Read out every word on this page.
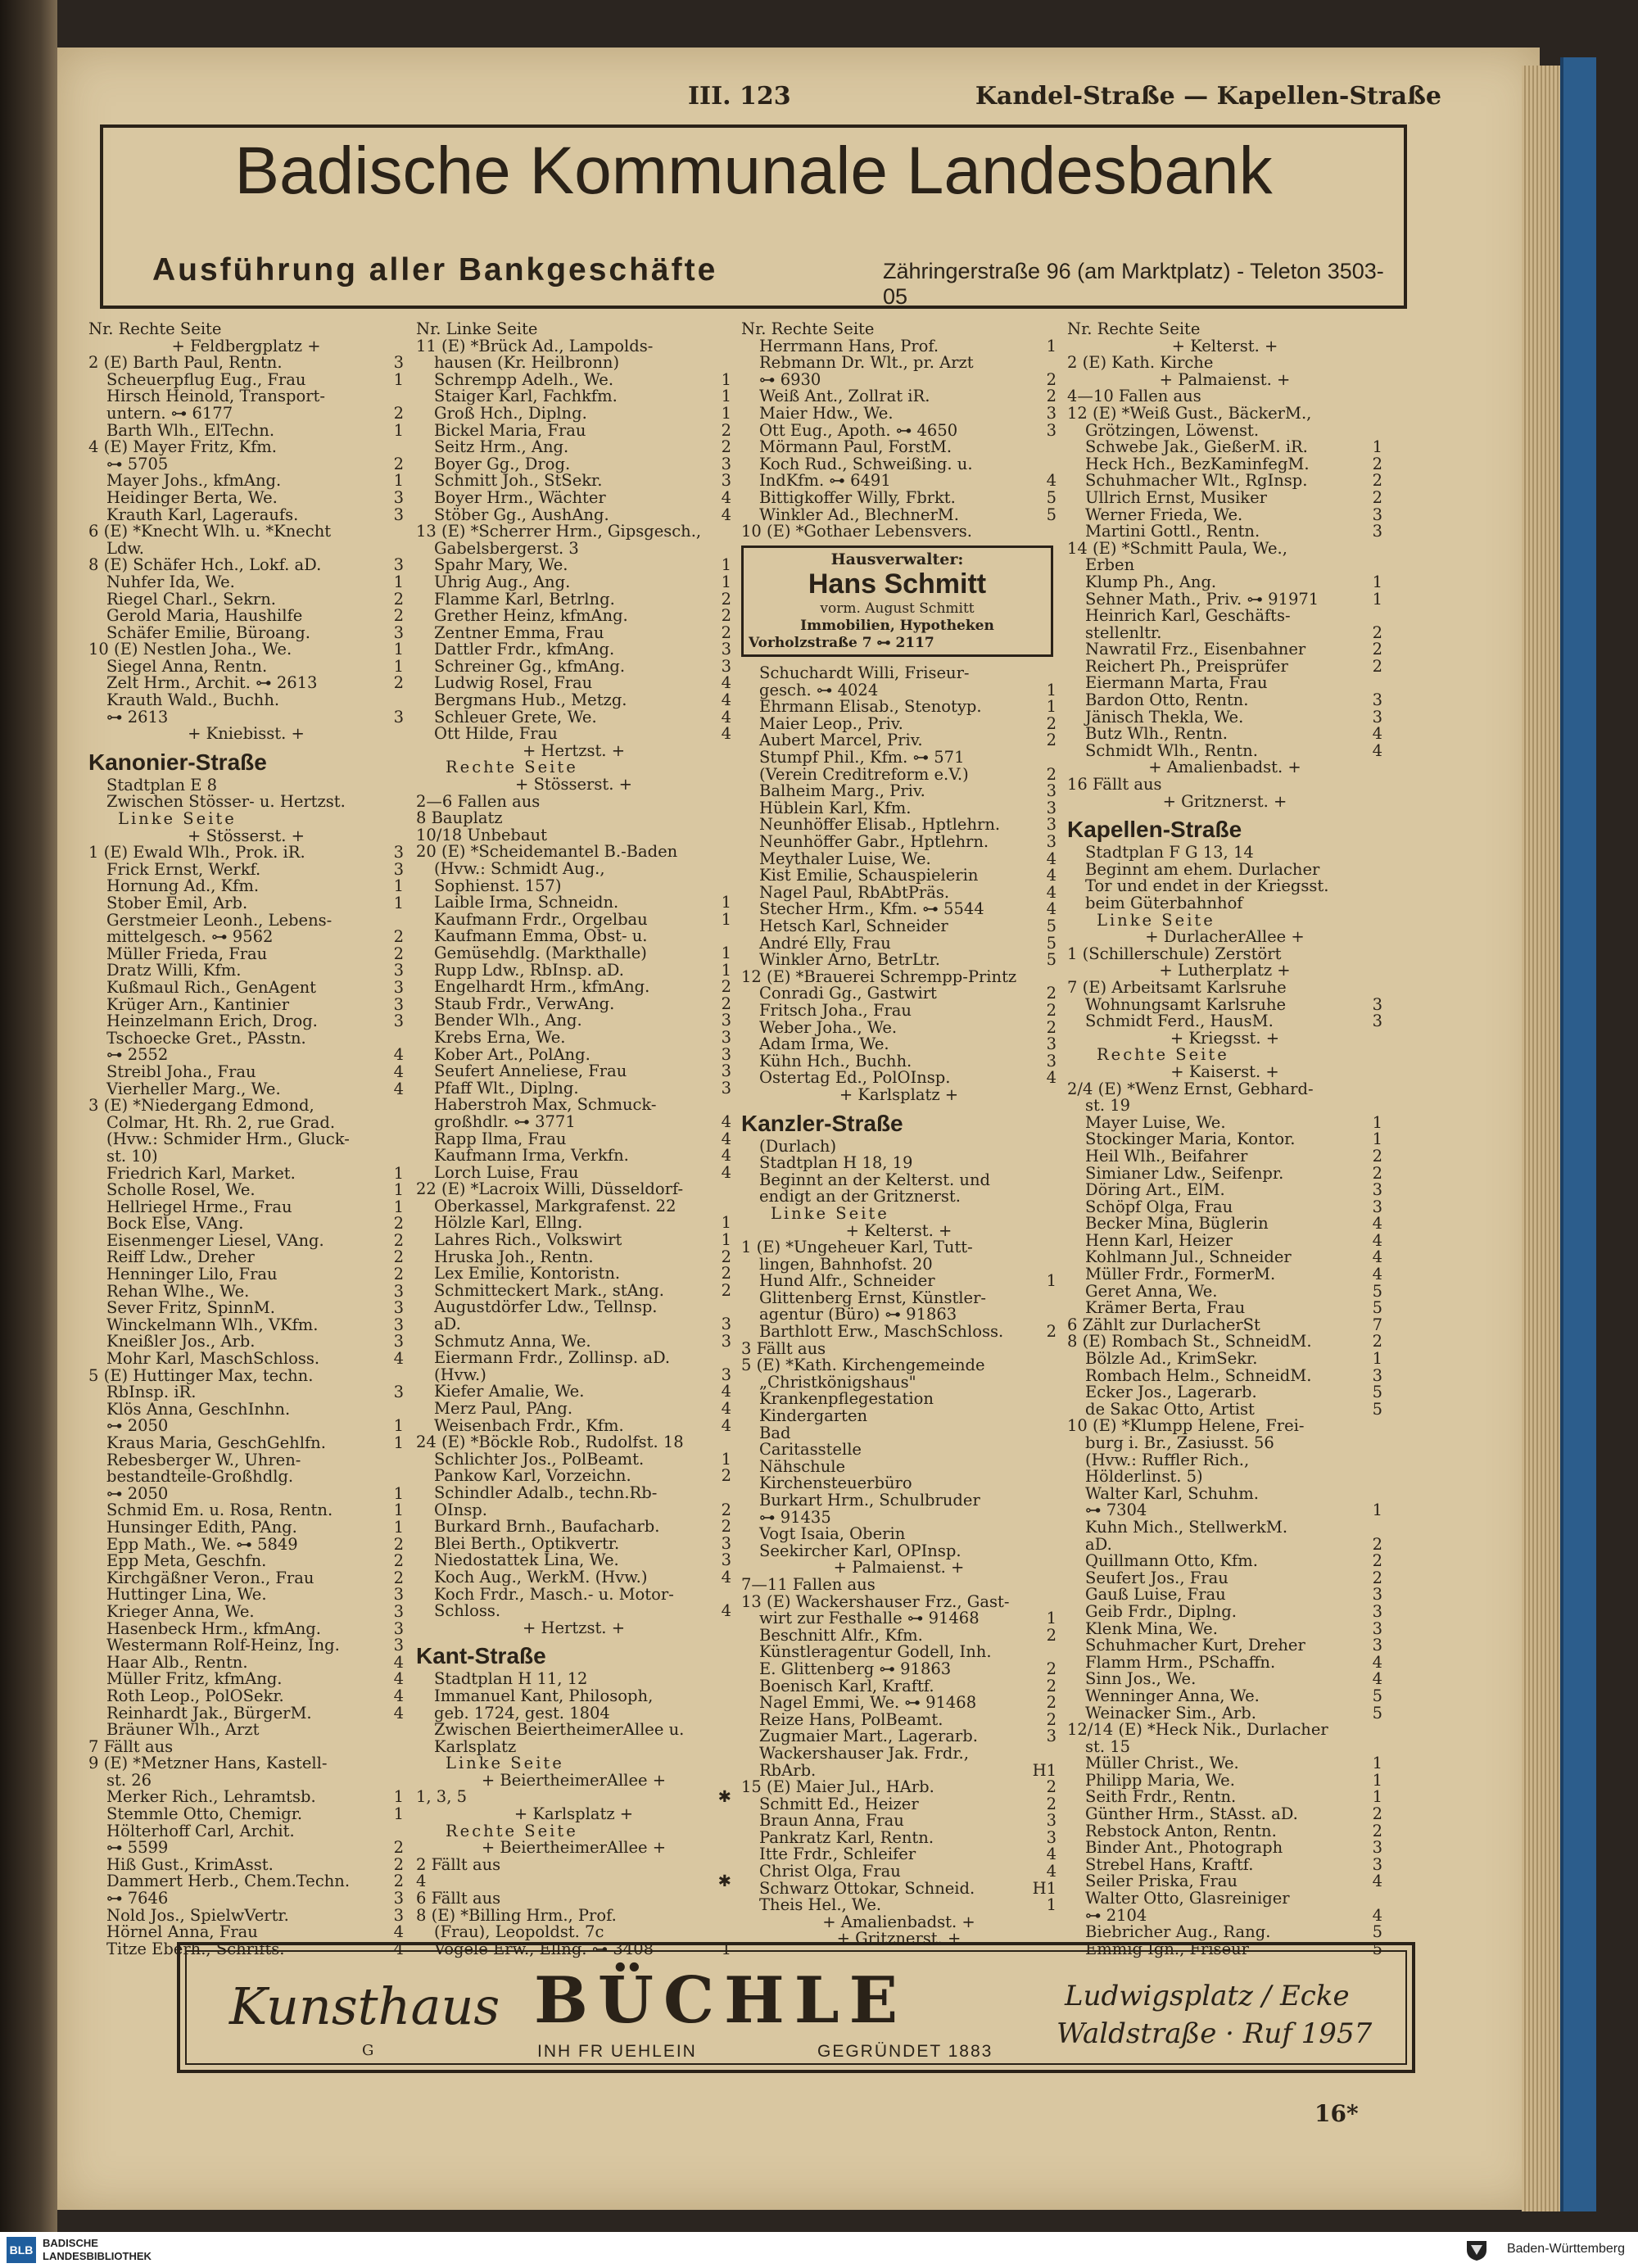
III. 123	Kandel-Straße — Kapellen-Straße
Badische Kommunale Landesbank
Ausführung aller Bankgeschäfte	Zähringerstraße 96 (am Marktplatz) - Teleton 3503-05
Nr. Rechte Seite
+ Feldbergplatz +
2 (E) Barth Paul, Rentn.	3
Scheuerpflug Eug., Frau	1
Hirsch Heinold, Transport-
untern. ⊶ 6177	2
Barth Wlh., ElTechn.	1
4 (E) Mayer Fritz, Kfm.
⊶ 5705	2
Mayer Johs., kfmAng.	1
Heidinger Berta, We.	3
Krauth Karl, Lageraufs.	3
6 (E) *Knecht Wlh. u. *Knecht
Ldw.
8 (E) Schäfer Hch., Lokf. aD.	3
Nuhfer Ida, We.	1
Riegel Charl., Sekrn.	2
Gerold Maria, Haushilfe	2
Schäfer Emilie, Büroang.	3
10 (E) Nestlen Joha., We.	1
Siegel Anna, Rentn.	1
Zelt Hrm., Archit. ⊶ 2613	2
Krauth Wald., Buchh.
⊶ 2613	3
+ Kniebisst. +
Kanonier-Straße
Stadtplan E 8
Zwischen Stösser- u. Hertzst.
Linke Seite
+ Stösserst. +
1 (E) Ewald Wlh., Prok. iR.	3
Frick Ernst, Werkf.	3
Hornung Ad., Kfm.	1
Stober Emil, Arb.	1
Gerstmeier Leonh., Lebens-
mittelgesch. ⊶ 9562	2
Müller Frieda, Frau	2
Dratz Willi, Kfm.	3
Kußmaul Rich., GenAgent	3
Krüger Arn., Kantinier	3
Heinzelmann Erich, Drog.	3
Tschoecke Gret., PAsstn.
⊶ 2552	4
Streibl Joha., Frau	4
Vierheller Marg., We.	4
3 (E) *Niedergang Edmond,
Colmar, Ht. Rh. 2, rue Grad.
(Hvw.: Schmider Hrm., Gluck-
st. 10)
Friedrich Karl, Market.	1
Scholle Rosel, We.	1
Hellriegel Hrme., Frau	1
Bock Else, VAng.	2
Eisenmenger Liesel, VAng.	2
Reiff Ldw., Dreher	2
Henninger Lilo, Frau	2
Rehan Wlhe., We.	3
Sever Fritz, SpinnM.	3
Winckelmann Wlh., VKfm.	3
Kneißler Jos., Arb.	3
Mohr Karl, MaschSchloss.	4
5 (E) Huttinger Max, techn.
RbInsp. iR.	3
Klös Anna, GeschInhn.
⊶ 2050	1
Kraus Maria, GeschGehlfn.	1
Rebesberger W., Uhren-
bestandteile-Großhdlg.
⊶ 2050	1
Schmid Em. u. Rosa, Rentn.	1
Hunsinger Edith, PAng.	1
Epp Math., We. ⊶ 5849	2
Epp Meta, Geschfn.	2
Kirchgäßner Veron., Frau	2
Huttinger Lina, We.	3
Krieger Anna, We.	3
Hasenbeck Hrm., kfmAng.	3
Westermann Rolf-Heinz, Ing.	3
Haar Alb., Rentn.	4
Müller Fritz, kfmAng.	4
Roth Leop., PolOSekr.	4
Reinhardt Jak., BürgerM.	4
Bräuner Wlh., Arzt
7 Fällt aus
9 (E) *Metzner Hans, Kastell-
st. 26
Merker Rich., Lehramtsb.	1
Stemmle Otto, Chemigr.	1
Hölterhoff Carl, Archit.
⊶ 5599	2
Hiß Gust., KrimAsst.	2
Dammert Herb., Chem.Techn.	2
⊶ 7646	3
Nold Jos., SpielwVertr.	3
Hörnel Anna, Frau	4
Titze Eberh., Schrifts.	4
Nr. Linke Seite
11 (E) *Brück Ad., Lampolds-
hausen (Kr. Heilbronn)
Schrempp Adelh., We.	1
Staiger Karl, Fachkfm.	1
Groß Hch., Diplng.	1
Bickel Maria, Frau	2
Seitz Hrm., Ang.	2
Boyer Gg., Drog.	3
Schmitt Joh., StSekr.	3
Boyer Hrm., Wächter	4
Stöber Gg., AushAng.	4
13 (E) *Scherrer Hrm., Gipsgesch.,
Gabelsbergerst. 3
Spahr Mary, We.	1
Uhrig Aug., Ang.	1
Flamme Karl, Betrlng.	2
Grether Heinz, kfmAng.	2
Zentner Emma, Frau	2
Dattler Frdr., kfmAng.	3
Schreiner Gg., kfmAng.	3
Ludwig Rosel, Frau	4
Bergmans Hub., Metzg.	4
Schleuer Grete, We.	4
Ott Hilde, Frau	4
+ Hertzst. +
Rechte Seite
+ Stösserst. +
2—6 Fallen aus
8 Bauplatz
10/18 Unbebaut
20 (E) *Scheidemantel B.-Baden
(Hvw.: Schmidt Aug.,
Sophienst. 157)
Laible Irma, Schneidn.	1
Kaufmann Frdr., Orgelbau	1
Kaufmann Emma, Obst- u.
Gemüsehdlg. (Markthalle)	1
Rupp Ldw., RbInsp. aD.	1
Engelhardt Hrm., kfmAng.	2
Staub Frdr., VerwAng.	2
Bender Wlh., Ang.	3
Krebs Erna, We.	3
Kober Art., PolAng.	3
Seufert Anneliese, Frau	3
Pfaff Wlt., Diplng.	3
Haberstroh Max, Schmuck-
großhdlr. ⊶ 3771	4
Rapp Ilma, Frau	4
Kaufmann Irma, Verkfn.	4
Lorch Luise, Frau	4
22 (E) *Lacroix Willi, Düsseldorf-
Oberkassel, Markgrafenst. 22
Hölzle Karl, Ellng.	1
Lahres Rich., Volkswirt	1
Hruska Joh., Rentn.	2
Lex Emilie, Kontoristn.	2
Schmitteckert Mark., stAng.	2
Augustdörfer Ldw., Tellnsp.
aD.	3
Schmutz Anna, We.	3
Eiermann Frdr., Zollinsp. aD.
(Hvw.)	3
Kiefer Amalie, We.	4
Merz Paul, PAng.	4
Weisenbach Frdr., Kfm.	4
24 (E) *Böckle Rob., Rudolfst. 18
Schlichter Jos., PolBeamt.	1
Pankow Karl, Vorzeichn.	2
Schindler Adalb., techn.Rb-
OInsp.	2
Burkard Brnh., Baufacharb.	2
Blei Berth., Optikvertr.	3
Niedostattek Lina, We.	3
Koch Aug., WerkM. (Hvw.)	4
Koch Frdr., Masch.- u. Motor-
Schloss.	4
+ Hertzst. +
Kant-Straße
Stadtplan H 11, 12
Immanuel Kant, Philosoph,
geb. 1724, gest. 1804
Zwischen BeiertheimerAllee u.
Karlsplatz
Linke Seite
+ BeiertheimerAllee +
1, 3, 5	✱
+ Karlsplatz +
Rechte Seite
+ BeiertheimerAllee +
2 Fällt aus
4	✱
6 Fällt aus
8 (E) *Billing Hrm., Prof.
(Frau), Leopoldst. 7c
Vögele Erw., Ellng. ⊶ 3408	1
Nr. Rechte Seite
Herrmann Hans, Prof.	1
Rebmann Dr. Wlt., pr. Arzt
⊶ 6930	2
Weiß Ant., Zollrat iR.	2
Maier Hdw., We.	3
Ott Eug., Apoth. ⊶ 4650	3
Mörmann Paul, ForstM.
Koch Rud., Schweißing. u.
IndKfm. ⊶ 6491	4
Bittigkoffer Willy, Fbrkt.	5
Winkler Ad., BlechnerM.	5
10 (E) *Gothaer Lebensvers.
Hausverwalter:
Hans Schmitt
vorm. August Schmitt
Immobilien, Hypotheken
Vorholzstraße 7 ⊶ 2117
Schuchardt Willi, Friseur-
gesch. ⊶ 4024	1
Ehrmann Elisab., Stenotyp.	1
Maier Leop., Priv.	2
Aubert Marcel, Priv.	2
Stumpf Phil., Kfm. ⊶ 571
(Verein Creditreform e.V.)	2
Balheim Marg., Priv.	3
Hüblein Karl, Kfm.	3
Neunhöffer Elisab., Hptlehrn.	3
Neunhöffer Gabr., Hptlehrn.	3
Meythaler Luise, We.	4
Kist Emilie, Schauspielerin	4
Nagel Paul, RbAbtPräs.	4
Stecher Hrm., Kfm. ⊶ 5544	4
Hetsch Karl, Schneider	5
André Elly, Frau	5
Winkler Arno, BetrLtr.	5
12 (E) *Brauerei Schrempp-Printz
Conradi Gg., Gastwirt	2
Fritsch Joha., Frau	2
Weber Joha., We.	2
Adam Irma, We.	3
Kühn Hch., Buchh.	3
Ostertag Ed., PolOInsp.	4
+ Karlsplatz +
Kanzler-Straße
(Durlach)
Stadtplan H 18, 19
Beginnt an der Kelterst. und
endigt an der Gritznerst.
Linke Seite
+ Kelterst. +
1 (E) *Ungeheuer Karl, Tutt-
lingen, Bahnhofst. 20
Hund Alfr., Schneider	1
Glittenberg Ernst, Künstler-
agentur (Büro) ⊶ 91863
Barthlott Erw., MaschSchloss.	2
3 Fällt aus
5 (E) *Kath. Kirchengemeinde
„Christkönigshaus"
Krankenpflegestation
Kindergarten
Bad
Caritasstelle
Nähschule
Kirchensteuerbüro
Burkart Hrm., Schulbruder
⊶ 91435
Vogt Isaia, Oberin
Seekircher Karl, OPInsp.
+ Palmaienst. +
7—11 Fallen aus
13 (E) Wackershauser Frz., Gast-
wirt zur Festhalle ⊶ 91468	1
Beschnitt Alfr., Kfm.	2
Künstleragentur Godell, Inh.
E. Glittenberg ⊶ 91863	2
Boenisch Karl, Kraftf.	2
Nagel Emmi, We. ⊶ 91468	2
Reize Hans, PolBeamt.	2
Zugmaier Mart., Lagerarb.	3
Wackershauser Jak. Frdr.,
RbArb.	H1
15 (E) Maier Jul., HArb.	2
Schmitt Ed., Heizer	2
Braun Anna, Frau	3
Pankratz Karl, Rentn.	3
Itte Frdr., Schleifer	4
Christ Olga, Frau	4
Schwarz Ottokar, Schneid.	H1
Theis Hel., We.	1
+ Amalienbadst. +
+ Gritznerst. +
Nr. Rechte Seite
+ Kelterst. +
2 (E) Kath. Kirche
+ Palmaienst. +
4—10 Fallen aus
12 (E) *Weiß Gust., BäckerM.,
Grötzingen, Löwenst.
Schwebe Jak., GießerM. iR.	1
Heck Hch., BezKaminfegM.	2
Schuhmacher Wlt., RgInsp.	2
Ullrich Ernst, Musiker	2
Werner Frieda, We.	3
Martini Gottl., Rentn.	3
14 (E) *Schmitt Paula, We.,
Erben
Klump Ph., Ang.	1
Sehner Math., Priv. ⊶ 91971	1
Heinrich Karl, Geschäfts-
stellenltr.	2
Nawratil Frz., Eisenbahner	2
Reichert Ph., Preisprüfer	2
Eiermann Marta, Frau
Bardon Otto, Rentn.	3
Jänisch Thekla, We.	3
Butz Wlh., Rentn.	4
Schmidt Wlh., Rentn.	4
+ Amalienbadst. +
16 Fällt aus
+ Gritznerst. +
Kapellen-Straße
Stadtplan F G 13, 14
Beginnt am ehem. Durlacher
Tor und endet in der Kriegsst.
beim Güterbahnhof
Linke Seite
+ DurlacherAllee +
1 (Schillerschule) Zerstört
+ Lutherplatz +
7 (E) Arbeitsamt Karlsruhe
Wohnungsamt Karlsruhe	3
Schmidt Ferd., HausM.	3
+ Kriegsst. +
Rechte Seite
+ Kaiserst. +
2/4 (E) *Wenz Ernst, Gebhard-
st. 19
Mayer Luise, We.	1
Stockinger Maria, Kontor.	1
Heil Wlh., Beifahrer	2
Simianer Ldw., Seifenpr.	2
Döring Art., ElM.	3
Schöpf Olga, Frau	3
Becker Mina, Büglerin	4
Henn Karl, Heizer	4
Kohlmann Jul., Schneider	4
Müller Frdr., FormerM.	4
Geret Anna, We.	5
Krämer Berta, Frau	5
6 Zählt zur DurlacherSt	7
8 (E) Rombach St., SchneidM.	2
Bölzle Ad., KrimSekr.	1
Rombach Helm., SchneidM.	3
Ecker Jos., Lagerarb.	5
de Sakac Otto, Artist	5
10 (E) *Klumpp Helene, Frei-
burg i. Br., Zasiusst. 56
(Hvw.: Ruffler Rich.,
Hölderlinst. 5)
Walter Karl, Schuhm.
⊶ 7304	1
Kuhn Mich., StellwerkM.
aD.	2
Quillmann Otto, Kfm.	2
Seufert Jos., Frau	2
Gauß Luise, Frau	3
Geib Frdr., Diplng.	3
Klenk Mina, We.	3
Schuhmacher Kurt, Dreher	3
Flamm Hrm., PSchaffn.	4
Sinn Jos., We.	4
Wenninger Anna, We.	5
Weinacker Sim., Arb.	5
12/14 (E) *Heck Nik., Durlacher
st. 15
Müller Christ., We.	1
Philipp Maria, We.	1
Seith Frdr., Rentn.	1
Günther Hrm., StAsst. aD.	2
Rebstock Anton, Rentn.	2
Binder Ant., Photograph	3
Strebel Hans, Kraftf.	3
Seiler Priska, Frau	4
Walter Otto, Glasreiniger
⊶ 2104	4
Biebricher Aug., Rang.	5
Emmig Ign., Friseur	5
Kunsthaus BÜCHLE
G	INH FR UEHLEIN	GEGRÜNDET 1883
Ludwigsplatz / Ecke
Waldstraße · Ruf 1957
16*
BLB
BADISCHE
LANDESBIBLIOTHEK
Baden-Württemberg
